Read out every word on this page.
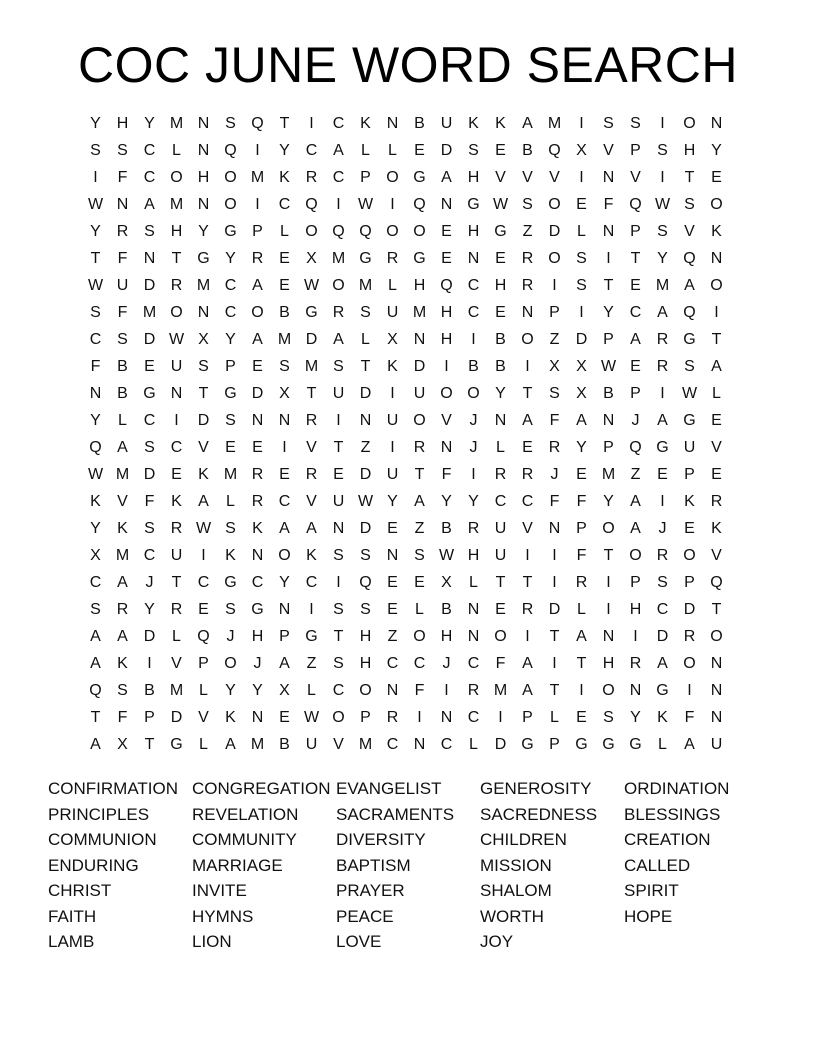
COC JUNE WORD SEARCH
Y H Y M N S Q T	I	C K N B U K	K	A M	I	S	S	I	O N
S	S C	L	N Q	I	Y C A	L	L	E D S	E	B Q X	V	P	S H Y
I	F	C O H O M K R C P O G A H V	V	V	I	N V	I	T	E
W N A M N O	I	C Q	I	W	I	Q N G W S O E	F Q W S O
Y R S H Y G P	L	O Q Q O O E H G Z	D	L	N P	S	V	K
T	F	N	T G Y R E	X M G R G E N E R O S	I	T	Y Q N
W U D R M C A	E W O M L	H Q C H R	I	S	T	E M A O
S	F M O N C O B G R S U M H C E N P	I	Y C A Q	I
C S D W X	Y	A M D A	L	X N H	I	B O Z	D P	A R G T
F	B	E U S	P	E	S M S	T	K D	I	B	B	I	X	X W E R S	A
N B G N	T G D X	T	U D	I	U O O Y	T	S	X	B	P	I	W L
Y	L	C	I	D S N N R	I	N U O V	J	N A	F	A N	J	A G E
Q A	S C V	E	E	I	V	T	Z	I	R N	J	L	E R Y	P Q G U V
W M D E	K M R E R E D U	T	F	I	R R	J	E M Z	E	P	E
K	V	F	K	A	L	R C V U W Y	A	Y	Y C C	F	F	Y	A	I	K R
Y	K	S R W S	K	A	A N D E	Z	B R U V N P O A	J	E	K
X M C U	I	K N O K	S	S N S W H U	I	I	F	T O R O V
C A	J	T	C G C Y C	I	Q E	E	X	L	T	T	I	R	I	P	S	P Q
S R Y R E	S G N	I	S	S	E	L	B N E R D	L	I	H C D	T
A	A D	L	Q	J	H P G T	H	Z O H N O	I	T	A N	I	D R O
A	K	I	V	P O	J	A	Z	S H C C	J	C	F	A	I	T	H R A O N
Q S	B M L	Y	Y	X	L	C O N	F	I	R M A	T	I	O N G	I	N
T	F	P D V	K N E W O P R	I	N C	I	P	L	E	S	Y	K	F	N
A	X	T G	L	A M B U V M C N C	L	D G P G G G	L	A U
CONFIRMATION
PRINCIPLES
COMMUNION
ENDURING
CHRIST
FAITH
LAMB
CONGREGATION
REVELATION
COMMUNITY
MARRIAGE
INVITE
HYMNS
LION
EVANGELIST
SACRAMENTS
DIVERSITY
BAPTISM
PRAYER
PEACE
LOVE
GENEROSITY
SACREDNESS
CHILDREN
MISSION
SHALOM
WORTH
JOY
ORDINATION
BLESSINGS
CREATION
CALLED
SPIRIT
HOPE
